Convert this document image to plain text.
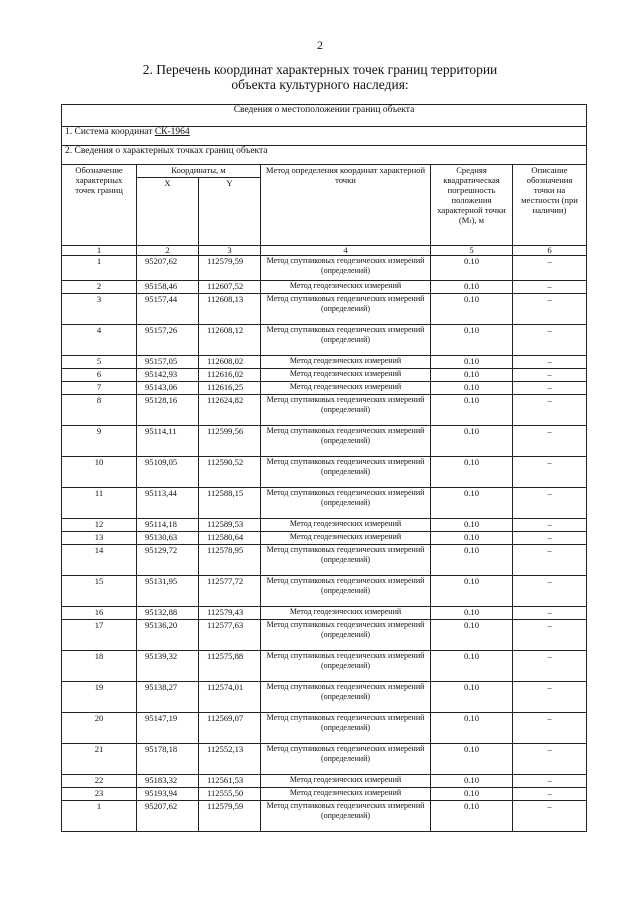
2
2. Перечень координат характерных точек границ территории
объекта культурного наследия:
Сведения о местоположении границ объекта					
1. Система координат СК-1964					
2. Сведения о характерных точках границ объекта					
Обозначение характерных точек границ	Координаты, м		Метод определения координат характерной точки	Средняя квадратическая погрешность положения характерной точки (Mₜ), м	Описание обозначения точки на местности (при наличии)
	X	Y			
1	2	3	4	5	6
1	95207,62	112579,59	Метод спутниковых геодезических измерений (определений)	0.10	–
2	95158,46	112607,52	Метод геодезических измерений	0.10	–
3	95157,44	112608,13	Метод спутниковых геодезических измерений (определений)	0.10	–
4	95157,26	112608,12	Метод спутниковых геодезических измерений (определений)	0.10	–
5	95157,05	112608,02	Метод геодезических измерений	0.10	–
6	95142,93	112616,02	Метод геодезических измерений	0.10	–
7	95143,06	112616,25	Метод геодезических измерений	0.10	–
8	95128,16	112624,82	Метод спутниковых геодезических измерений (определений)	0.10	–
9	95114,11	112599,56	Метод спутниковых геодезических измерений (определений)	0.10	–
10	95109,05	112590,52	Метод спутниковых геодезических измерений (определений)	0.10	–
11	95113,44	112588,15	Метод спутниковых геодезических измерений (определений)	0.10	–
12	95114,18	112589,53	Метод геодезических измерений	0.10	–
13	95130,63	112580,64	Метод геодезических измерений	0.10	–
14	95129,72	112578,95	Метод спутниковых геодезических измерений (определений)	0.10	–
15	95131,95	112577,72	Метод спутниковых геодезических измерений (определений)	0.10	–
16	95132,88	112579,43	Метод геодезических измерений	0.10	–
17	95136,20	112577,63	Метод спутниковых геодезических измерений (определений)	0.10	–
18	95139,32	112575,88	Метод спутниковых геодезических измерений (определений)	0.10	–
19	95138,27	112574,01	Метод спутниковых геодезических измерений (определений)	0.10	–
20	95147,19	112569,07	Метод спутниковых геодезических измерений (определений)	0.10	–
21	95178,18	112552,13	Метод спутниковых геодезических измерений (определений)	0.10	–
22	95183,32	112561,53	Метод геодезических измерений	0.10	–
23	95193,94	112555,50	Метод геодезических измерений	0.10	–
1	95207,62	112579,59	Метод спутниковых геодезических измерений (определений)	0.10	–
